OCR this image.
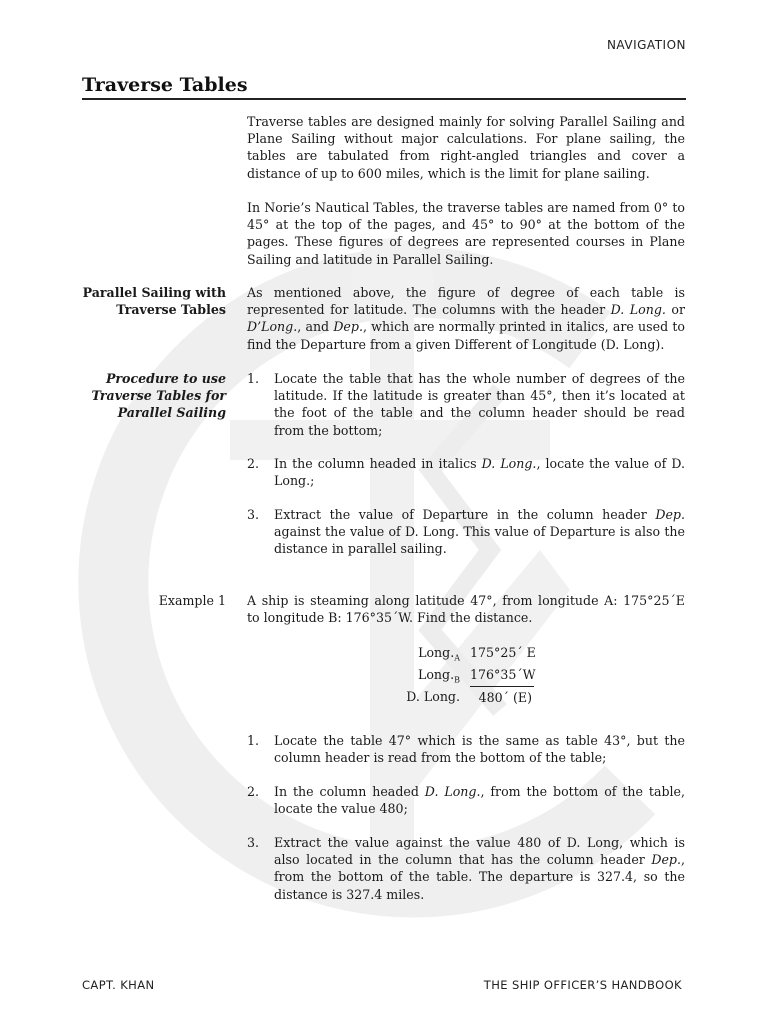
NAVIGATION
Traverse Tables

Traverse tables are designed mainly for solving Parallel Sailing and Plane Sailing without major calculations. For plane sailing, the tables are tabulated from right-angled triangles and cover a distance of up to 600 miles, which is the limit for plane sailing.

In Norie’s Nautical Tables, the traverse tables are named from 0° to 45° at the top of the pages, and 45° to 90° at the bottom of the pages. These figures of degrees are represented courses in Plane Sailing and latitude in Parallel Sailing.

Parallel Sailing with
Traverse Tables

As mentioned above, the figure of degree of each table is represented for latitude. The columns with the header D. Long. or D’Long., and Dep., which are normally printed in italics, are used to find the Departure from a given Different of Longitude (D. Long).

Procedure to use
Traverse Tables for
Parallel Sailing
1.	Locate the table that has the whole number of degrees of the latitude. If the latitude is greater than 45°, then it’s located at the foot of the table and the column header should be read from the bottom;
2.	In the column headed in italics D. Long., locate the value of D. Long.;
3.	Extract the value of Departure in the column header Dep. against the value of D. Long. This value of Departure is also the distance in parallel sailing.
Example 1 A ship is steaming along latitude 47°, from longitude A: 175°25´E to longitude B: 176°35´W. Find the distance.

$Long._A$ 175°25´ E
$Long._B$ 176°35´W
D. Long.	480´ (E)
1.	Locate the table 47° which is the same as table 43°, but the column header is read from the bottom of the table;
2.	In the column headed D. Long., from the bottom of the table, locate the value 480;
3.	Extract the value against the value 480 of D. Long, which is also located in the column that has the column header Dep., from the bottom of the table. The departure is 327.4, so the distance is 327.4 miles.
CAPT. KHAN	THE SHIP OFFICER’S HANDBOOK
